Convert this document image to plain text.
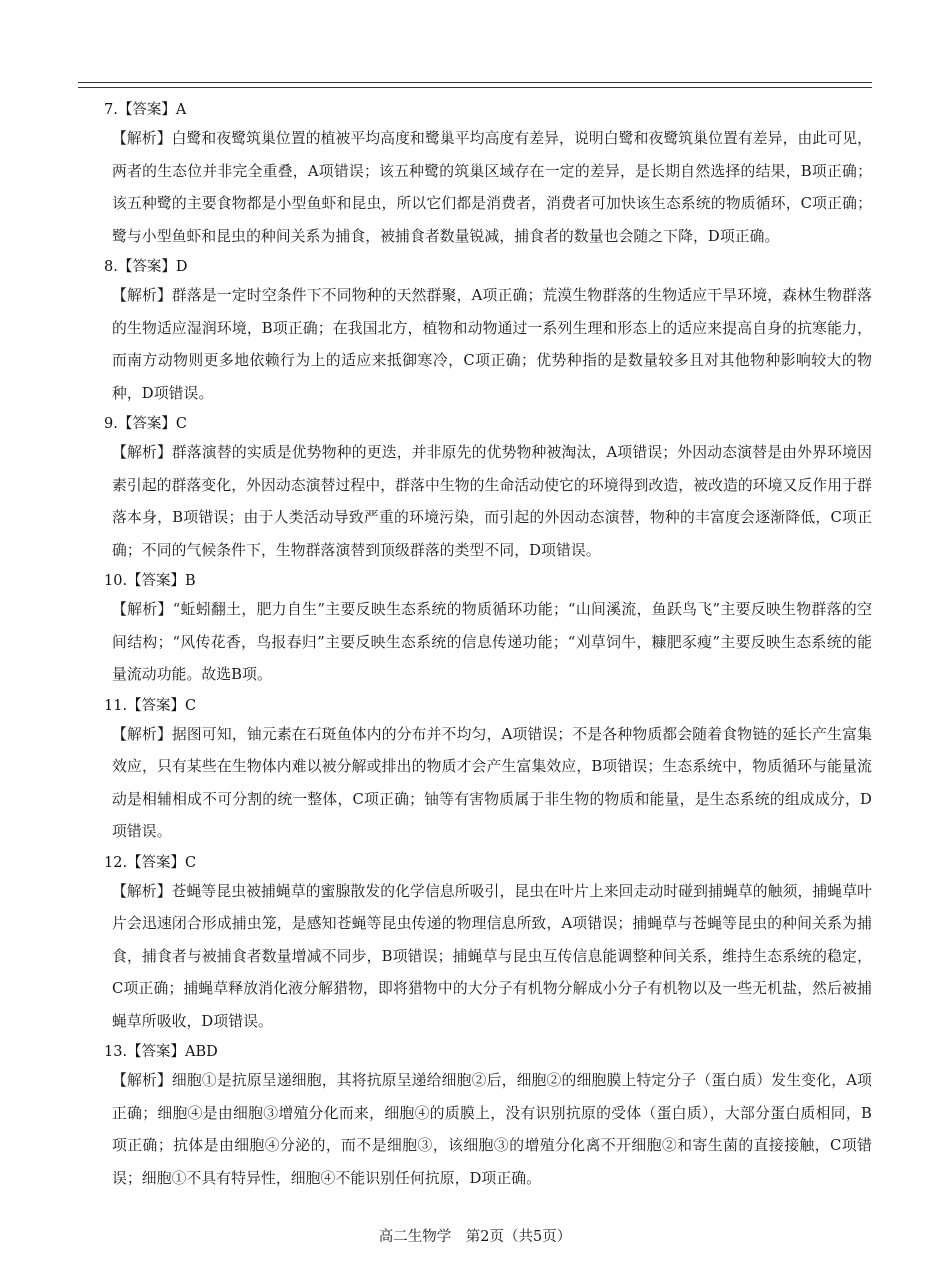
7.【答案】A

【解析】白鹭和夜鹭筑巢位置的植被平均高度和鹭巢平均高度有差异，说明白鹭和夜鹭筑巢位置有差异，由此可见，两者的生态位并非完全重叠，A项错误；该五种鹭的筑巢区域存在一定的差异，是长期自然选择的结果，B项正确；该五种鹭的主要食物都是小型鱼虾和昆虫，所以它们都是消费者，消费者可加快该生态系统的物质循环，C项正确；鹭与小型鱼虾和昆虫的种间关系为捕食，被捕食者数量锐减，捕食者的数量也会随之下降，D项正确。

8.【答案】D

【解析】群落是一定时空条件下不同物种的天然群聚，A项正确；荒漠生物群落的生物适应干旱环境，森林生物群落的生物适应湿润环境，B项正确；在我国北方，植物和动物通过一系列生理和形态上的适应来提高自身的抗寒能力，而南方动物则更多地依赖行为上的适应来抵御寒冷，C项正确；优势种指的是数量较多且对其他物种影响较大的物种，D项错误。

9.【答案】C

【解析】群落演替的实质是优势物种的更迭，并非原先的优势物种被淘汰，A项错误；外因动态演替是由外界环境因素引起的群落变化，外因动态演替过程中，群落中生物的生命活动使它的环境得到改造，被改造的环境又反作用于群落本身，B项错误；由于人类活动导致严重的环境污染，而引起的外因动态演替，物种的丰富度会逐渐降低，C项正确；不同的气候条件下，生物群落演替到顶级群落的类型不同，D项错误。

10.【答案】B

【解析】“蚯蚓翻土，肥力自生”主要反映生态系统的物质循环功能；“山间溪流，鱼跃鸟飞”主要反映生物群落的空间结构；“风传花香，鸟报春归”主要反映生态系统的信息传递功能；“刈草饲牛，糠肥豕瘦”主要反映生态系统的能量流动功能。故选B项。

11.【答案】C

【解析】据图可知，铀元素在石斑鱼体内的分布并不均匀，A项错误；不是各种物质都会随着食物链的延长产生富集效应，只有某些在生物体内难以被分解或排出的物质才会产生富集效应，B项错误；生态系统中，物质循环与能量流动是相辅相成不可分割的统一整体，C项正确；铀等有害物质属于非生物的物质和能量，是生态系统的组成成分，D项错误。

12.【答案】C

【解析】苍蝇等昆虫被捕蝇草的蜜腺散发的化学信息所吸引，昆虫在叶片上来回走动时碰到捕蝇草的触须，捕蝇草叶片会迅速闭合形成捕虫笼，是感知苍蝇等昆虫传递的物理信息所致，A项错误；捕蝇草与苍蝇等昆虫的种间关系为捕食，捕食者与被捕食者数量增减不同步，B项错误；捕蝇草与昆虫互传信息能调整种间关系，维持生态系统的稳定，C项正确；捕蝇草释放消化液分解猎物，即将猎物中的大分子有机物分解成小分子有机物以及一些无机盐，然后被捕蝇草所吸收，D项错误。

13.【答案】ABD

【解析】细胞①是抗原呈递细胞，其将抗原呈递给细胞②后，细胞②的细胞膜上特定分子（蛋白质）发生变化，A项正确；细胞④是由细胞③增殖分化而来，细胞④的质膜上，没有识别抗原的受体（蛋白质），大部分蛋白质相同，B项正确；抗体是由细胞④分泌的，而不是细胞③，该细胞③的增殖分化离不开细胞②和寄生菌的直接接触，C项错误；细胞①不具有特异性，细胞④不能识别任何抗原，D项正确。

高二生物学　第2页（共5页）
